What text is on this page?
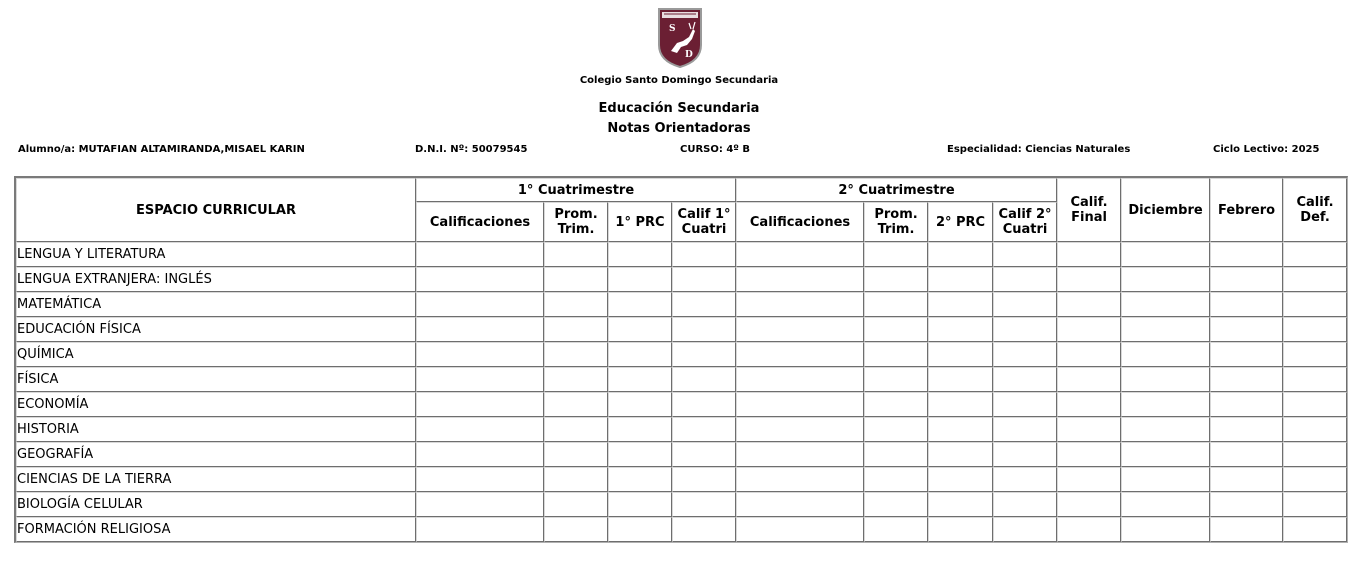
S
D
Colegio Santo Domingo Secundaria
Educación Secundaria
Notas Orientadoras
Alumno/a: MUTAFIAN ALTAMIRANDA,MISAEL KARIN	D.N.I. Nº: 50079545	CURSO: 4º B	Especialidad: Ciencias Naturales	Ciclo Lectivo: 2025
ESPACIO CURRICULAR	1° Cuatrimestre				2° Cuatrimestre				Calif. Final	Diciembre	Febrero	Calif. Def.
	Calificaciones	Prom. Trim.	1° PRC	Calif 1° Cuatri	Calificaciones	Prom. Trim.	2° PRC	Calif 2° Cuatri				
LENGUA Y LITERATURA												
LENGUA EXTRANJERA: INGLÉS												
MATEMÁTICA												
EDUCACIÓN FÍSICA												
QUÍMICA												
FÍSICA												
ECONOMÍA												
HISTORIA												
GEOGRAFÍA												
CIENCIAS DE LA TIERRA												
BIOLOGÍA CELULAR												
FORMACIÓN RELIGIOSA												
